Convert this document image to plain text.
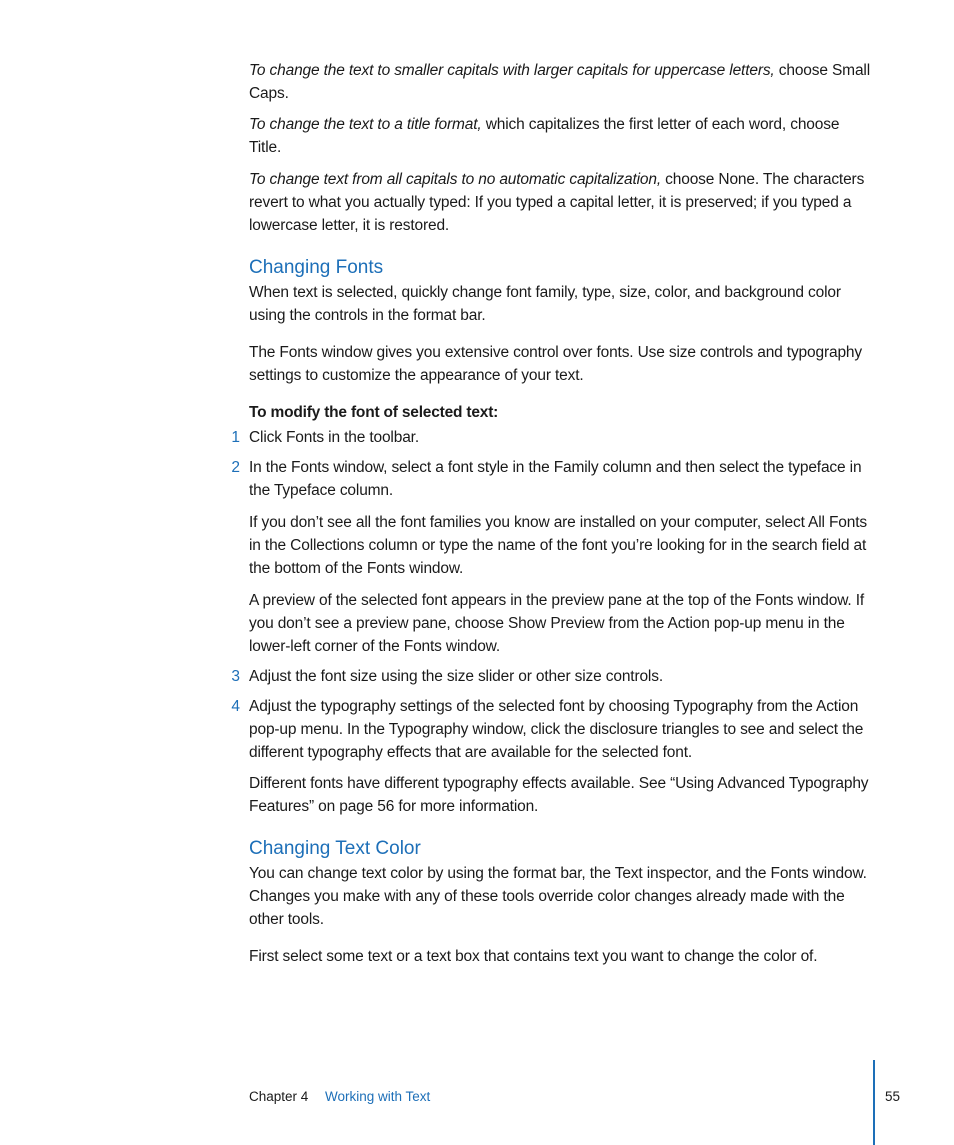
To change the text to smaller capitals with larger capitals for uppercase letters, choose Small Caps.

To change the text to a title format, which capitalizes the first letter of each word, choose Title.

To change text from all capitals to no automatic capitalization, choose None. The characters revert to what you actually typed: If you typed a capital letter, it is preserved; if you typed a lowercase letter, it is restored.

Changing Fonts

When text is selected, quickly change font family, type, size, color, and background color using the controls in the format bar.

The Fonts window gives you extensive control over fonts. Use size controls and typography settings to customize the appearance of your text.

To modify the font of selected text:

1 Click Fonts in the toolbar.

2 In the Fonts window, select a font style in the Family column and then select the typeface in the Typeface column.

If you don’t see all the font families you know are installed on your computer, select All Fonts in the Collections column or type the name of the font you’re looking for in the search field at the bottom of the Fonts window.

A preview of the selected font appears in the preview pane at the top of the Fonts window. If you don’t see a preview pane, choose Show Preview from the Action pop-up menu in the lower-left corner of the Fonts window.

3 Adjust the font size using the size slider or other size controls.

4 Adjust the typography settings of the selected font by choosing Typography from the Action pop-up menu. In the Typography window, click the disclosure triangles to see and select the different typography effects that are available for the selected font.

Different fonts have different typography effects available. See “Using Advanced Typography Features” on page 56 for more information.

Changing Text Color

You can change text color by using the format bar, the Text inspector, and the Fonts window. Changes you make with any of these tools override color changes already made with the other tools.

First select some text or a text box that contains text you want to change the color of.

Chapter 4 Working with Text	55
